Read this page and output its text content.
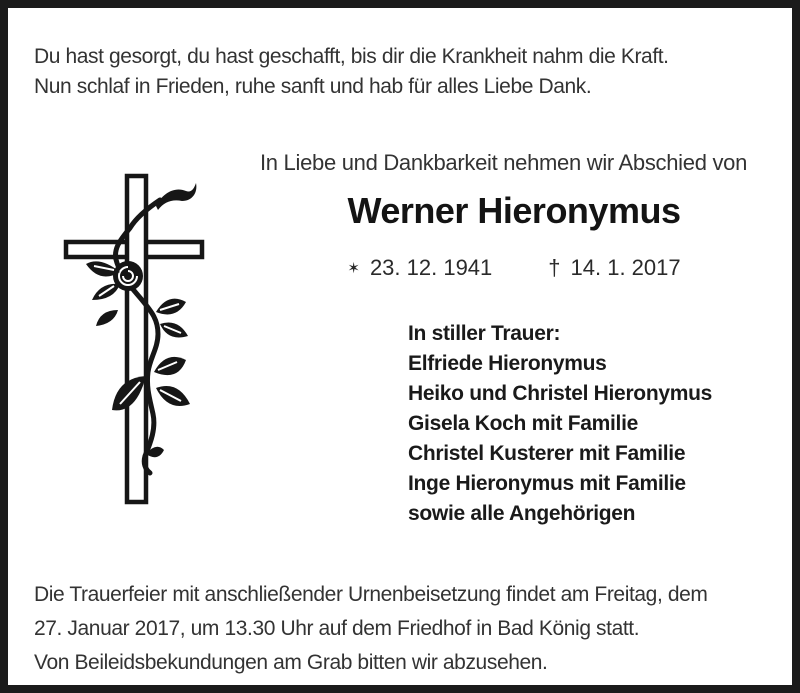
Du hast gesorgt, du hast geschafft, bis dir die Krankheit nahm die Kraft.
Nun schlaf in Frieden, ruhe sanft und hab für alles Liebe Dank.
In Liebe und Dankbarkeit nehmen wir Abschied von
Werner Hieronymus
✶ 23. 12. 1941	† 14. 1. 2017
In stiller Trauer:
Elfriede Hieronymus
Heiko und Christel Hieronymus
Gisela Koch mit Familie
Christel Kusterer mit Familie
Inge Hieronymus mit Familie
sowie alle Angehörigen
Die Trauerfeier mit anschließender Urnenbeisetzung findet am Freitag, dem
27. Januar 2017, um 13.30 Uhr auf dem Friedhof in Bad König statt.
Von Beileidsbekundungen am Grab bitten wir abzusehen.
